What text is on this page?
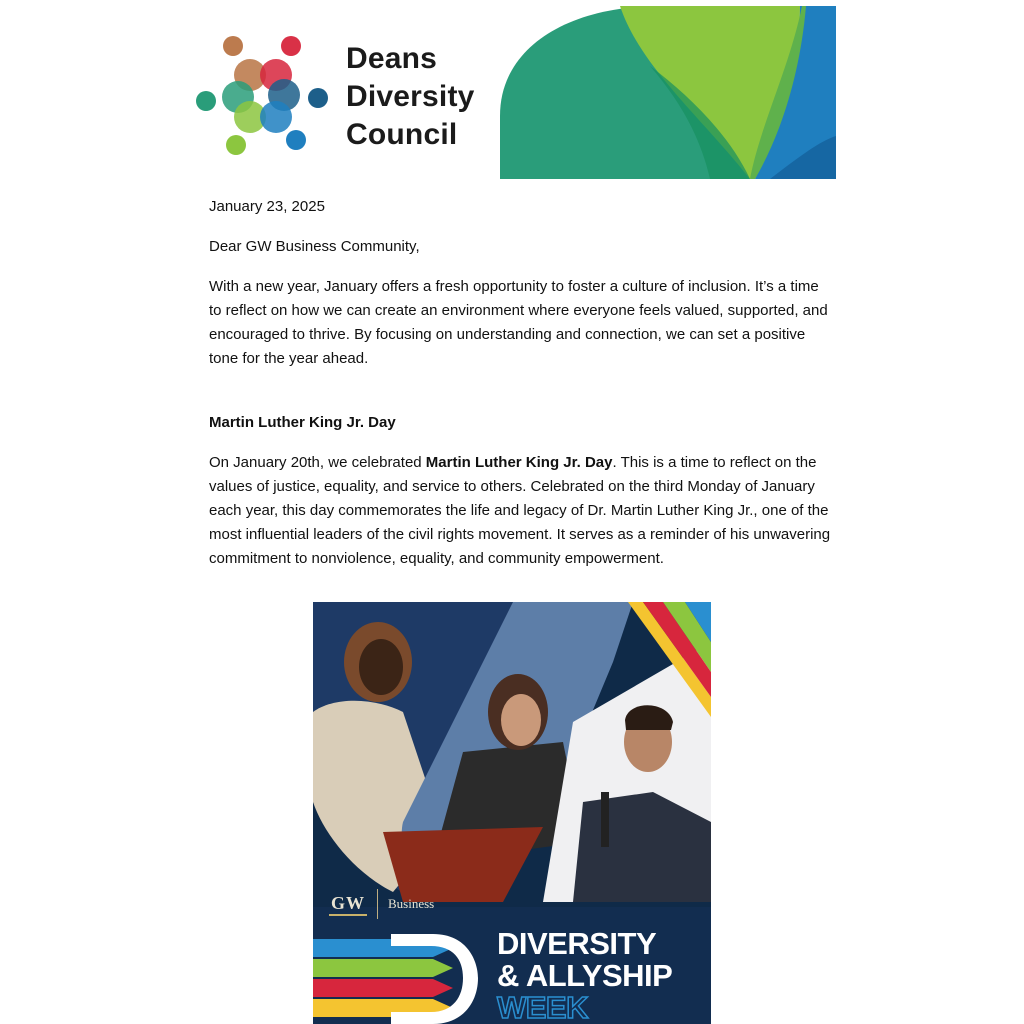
Deans
Diversity
Council

January 23, 2025

Dear GW Business Community,

With a new year, January offers a fresh opportunity to foster a culture of inclusion. It’s a time to reflect on how we can create an environment where everyone feels valued, supported, and encouraged to thrive. By focusing on understanding and connection, we can set a positive tone for the year ahead.

Martin Luther King Jr. Day

On January 20th, we celebrated Martin Luther King Jr. Day. This is a time to reflect on the values of justice, equality, and service to others. Celebrated on the third Monday of January each year, this day commemorates the life and legacy of Dr. Martin Luther King Jr., one of the most influential leaders of the civil rights movement. It serves as a reminder of his unwavering commitment to nonviolence, equality, and community empowerment.

GW Business
DIVERSITY
& ALLYSHIP
WEEK
